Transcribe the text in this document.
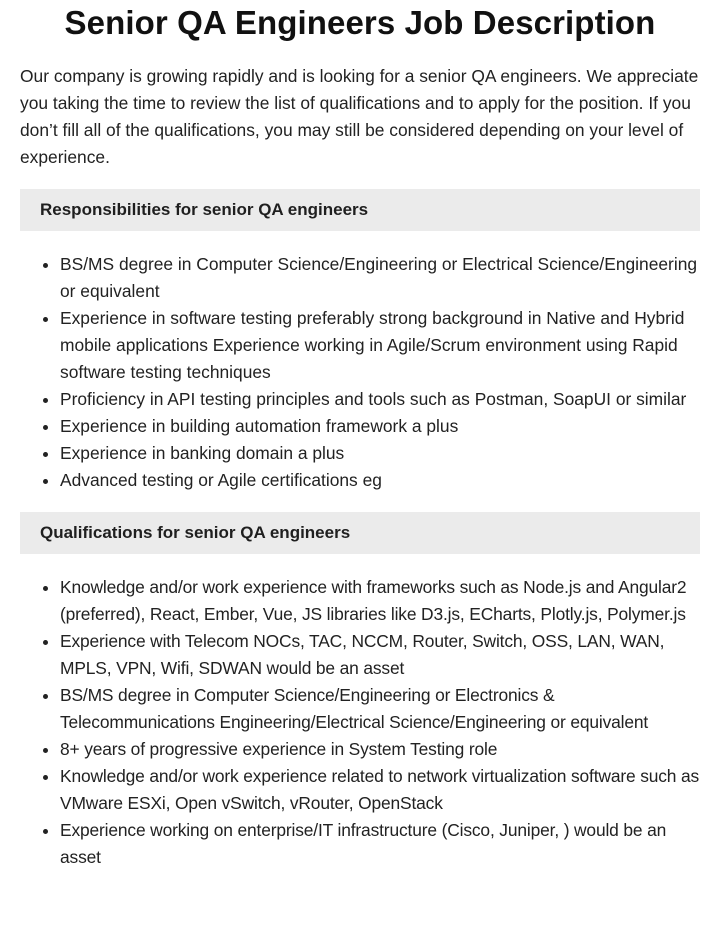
Senior QA Engineers Job Description

Our company is growing rapidly and is looking for a senior QA engineers. We appreciate you taking the time to review the list of qualifications and to apply for the position. If you don’t fill all of the qualifications, you may still be considered depending on your level of experience.

Responsibilities for senior QA engineers
• BS/MS degree in Computer Science/Engineering or Electrical Science/Engineering or equivalent
• Experience in software testing preferably strong background in Native and Hybrid mobile applications Experience working in Agile/Scrum environment using Rapid software testing techniques
• Proficiency in API testing principles and tools such as Postman, SoapUI or similar
• Experience in building automation framework a plus
• Experience in banking domain a plus
• Advanced testing or Agile certifications eg
Qualifications for senior QA engineers
• Knowledge and/or work experience with frameworks such as Node.js and Angular2 (preferred), React, Ember, Vue, JS libraries like D3.js, ECharts, Plotly.js, Polymer.js
• Experience with Telecom NOCs, TAC, NCCM, Router, Switch, OSS, LAN, WAN, MPLS, VPN, Wifi, SDWAN would be an asset
• BS/MS degree in Computer Science/Engineering or Electronics & Telecommunications Engineering/Electrical Science/Engineering or equivalent
• 8+ years of progressive experience in System Testing role
• Knowledge and/or work experience related to network virtualization software such as VMware ESXi, Open vSwitch, vRouter, OpenStack
• Experience working on enterprise/IT infrastructure (Cisco, Juniper, ) would be an asset
